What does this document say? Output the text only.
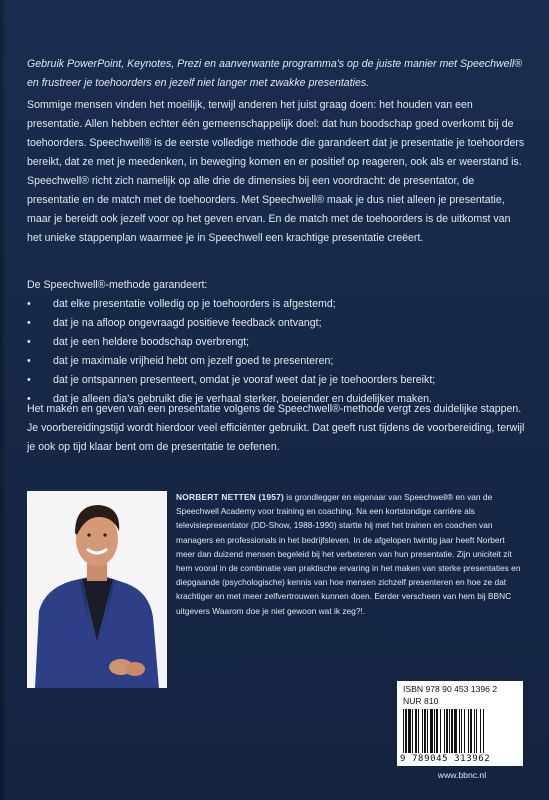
Gebruik PowerPoint, Keynotes, Prezi en aanverwante programma's op de juiste manier met Speechwell® en frustreer je toehoorders en jezelf niet langer met zwakke presentaties.

Sommige mensen vinden het moeilijk, terwijl anderen het juist graag doen: het houden van een presentatie. Allen hebben echter één gemeenschappelijk doel: dat hun boodschap goed overkomt bij de toehoorders. Speechwell® is de eerste volledige methode die garandeert dat je presentatie je toehoorders bereikt, dat ze met je meedenken, in beweging komen en er positief op reageren, ook als er weerstand is. Speechwell® richt zich namelijk op alle drie de dimensies bij een voordracht: de presentator, de presentatie en de match met de toehoorders. Met Speechwell® maak je dus niet alleen je presentatie, maar je bereidt ook jezelf voor op het geven ervan. En de match met de toehoorders is de uitkomst van het unieke stappenplan waarmee je in Speechwell een krachtige presentatie creëert.

De Speechwell®-methode garandeert:

•	dat elke presentatie volledig op je toehoorders is afgestemd;
•	dat je na afloop ongevraagd positieve feedback ontvangt;
•	dat je een heldere boodschap overbrengt;
•	dat je maximale vrijheid hebt om jezelf goed te presenteren;
•	dat je ontspannen presenteert, omdat je vooraf weet dat je je toehoorders bereikt;
•	dat je alleen dia's gebruikt die je verhaal sterker, boeiender en duidelijker maken.

Het maken en geven van een presentatie volgens de Speechwell®-methode vergt zes duidelijke stappen. Je voorbereidingstijd wordt hierdoor veel efficiënter gebruikt. Dat geeft rust tijdens de voorbereiding, terwijl je ook op tijd klaar bent om de presentatie te oefenen.

NORBERT NETTEN (1957) is grondlegger en eigenaar van Speechwell® en van de Speechwell Academy voor training en coaching. Na een kortstondige carrière als televisiepresentator (DD-Show, 1988-1990) startte hij met het trainen en coachen van managers en professionals in het bedrijfsleven. In de afgelopen twintig jaar heeft Norbert meer dan duizend mensen begeleid bij het verbeteren van hun presentatie. Zijn uniciteit zit hem vooral in de combinatie van praktische ervaring in het maken van sterke presentaties en diepgaande (psychologische) kennis van hoe mensen zichzelf presenteren en hoe ze dat krachtiger en met meer zelfvertrouwen kunnen doen. Eerder verscheen van hem bij BBNC uitgevers Waarom doe je niet gewoon wat ik zeg?!.

ISBN 978 90 453 1396 2
NUR 810
9 789045 313962
www.bbnc.nl
